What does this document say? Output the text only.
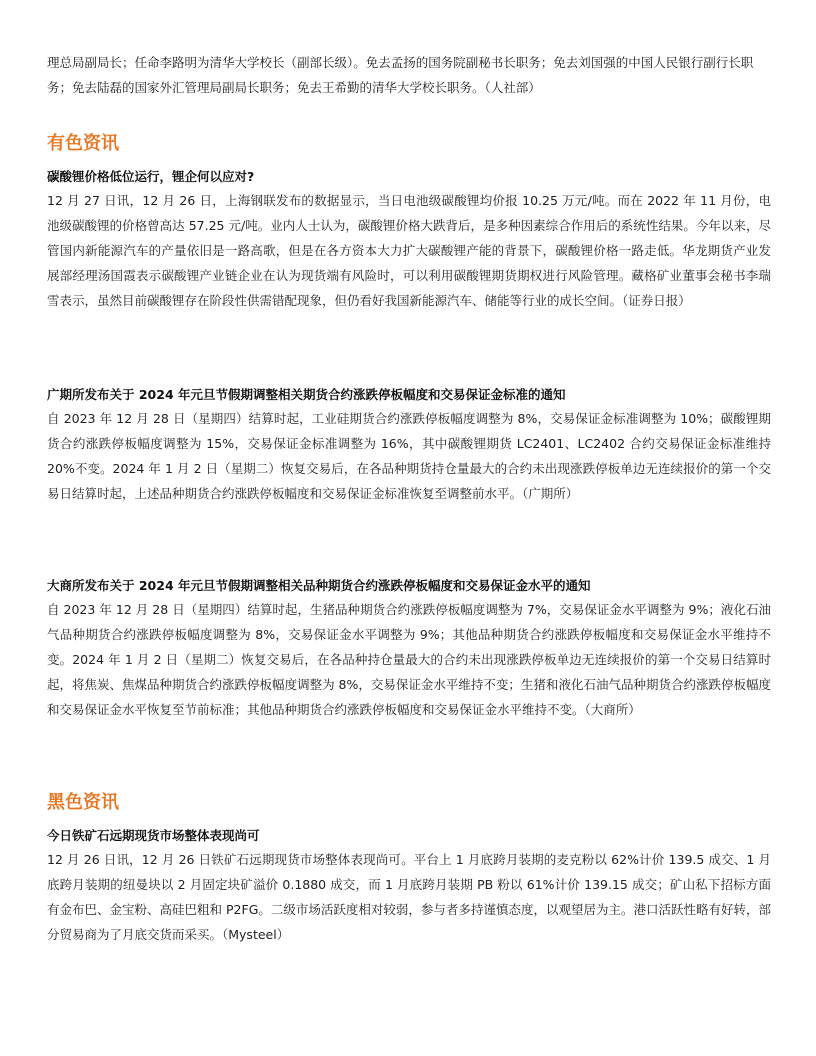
理总局副局长；任命李路明为清华大学校长（副部长级）。免去孟扬的国务院副秘书长职务；免去刘国强的中国人民银行副行长职务；免去陆磊的国家外汇管理局副局长职务；免去王希勤的清华大学校长职务。（人社部）

有色资讯
碳酸锂价格低位运行，锂企何以应对?

12 月 27 日讯，12 月 26 日，上海钢联发布的数据显示，当日电池级碳酸锂均价报 10.25 万元/吨。而在 2022 年 11 月份，电池级碳酸锂的价格曾高达 57.25 元/吨。业内人士认为，碳酸锂价格大跌背后，是多种因素综合作用后的系统性结果。今年以来，尽管国内新能源汽车的产量依旧是一路高歌，但是在各方资本大力扩大碳酸锂产能的背景下，碳酸锂价格一路走低。华龙期货产业发展部经理汤国霞表示碳酸锂产业链企业在认为现货端有风险时，可以利用碳酸锂期货期权进行风险管理。藏格矿业董事会秘书李瑞雪表示，虽然目前碳酸锂存在阶段性供需错配现象，但仍看好我国新能源汽车、储能等行业的成长空间。（证券日报）

广期所发布关于 2024 年元旦节假期调整相关期货合约涨跌停板幅度和交易保证金标准的通知

自 2023 年 12 月 28 日（星期四）结算时起，工业硅期货合约涨跌停板幅度调整为 8%，交易保证金标准调整为 10%；碳酸锂期货合约涨跌停板幅度调整为 15%，交易保证金标准调整为 16%，其中碳酸锂期货 LC2401、LC2402 合约交易保证金标准维持 20%不变。2024 年 1 月 2 日（星期二）恢复交易后，在各品种期货持仓量最大的合约未出现涨跌停板单边无连续报价的第一个交易日结算时起，上述品种期货合约涨跌停板幅度和交易保证金标准恢复至调整前水平。（广期所）

大商所发布关于 2024 年元旦节假期调整相关品种期货合约涨跌停板幅度和交易保证金水平的通知

自 2023 年 12 月 28 日（星期四）结算时起，生猪品种期货合约涨跌停板幅度调整为 7%，交易保证金水平调整为 9%；液化石油气品种期货合约涨跌停板幅度调整为 8%，交易保证金水平调整为 9%；其他品种期货合约涨跌停板幅度和交易保证金水平维持不变。2024 年 1 月 2 日（星期二）恢复交易后，在各品种持仓量最大的合约未出现涨跌停板单边无连续报价的第一个交易日结算时起，将焦炭、焦煤品种期货合约涨跌停板幅度调整为 8%，交易保证金水平维持不变；生猪和液化石油气品种期货合约涨跌停板幅度和交易保证金水平恢复至节前标准；其他品种期货合约涨跌停板幅度和交易保证金水平维持不变。（大商所）

黑色资讯
今日铁矿石远期现货市场整体表现尚可

12 月 26 日讯，12 月 26 日铁矿石远期现货市场整体表现尚可。平台上 1 月底跨月装期的麦克粉以 62%计价 139.5 成交、1 月底跨月装期的纽曼块以 2 月固定块矿溢价 0.1880 成交，而 1 月底跨月装期 PB 粉以 61%计价 139.15 成交；矿山私下招标方面有金布巴、金宝粉、高硅巴粗和 P2FG。二级市场活跃度相对较弱，参与者多持谨慎态度，以观望居为主。港口活跃性略有好转，部分贸易商为了月底交货而采买。（Mysteel）
